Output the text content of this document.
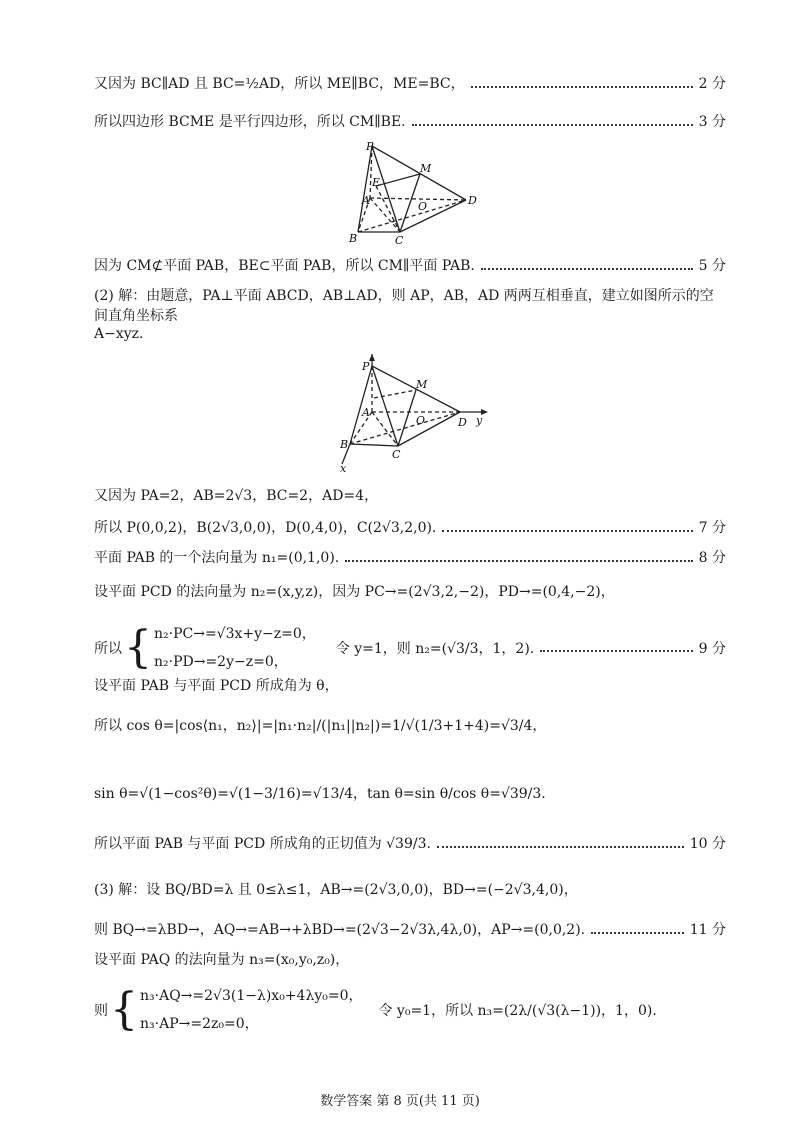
又因为 BC∥AD 且 BC=½AD，所以 ME∥BC，ME=BC，	2 分
所以四边形 BCME 是平行四边形，所以 CM∥BE.	3 分
P
M
E
A	O	D
B	C
因为 CM⊄平面 PAB，BE⊂平面 PAB，所以 CM∥平面 PAB.	5 分
(2) 解：由题意，PA⊥平面 ABCD，AB⊥AD，则 AP，AB，AD 两两互相垂直，建立如图所示的空间直角坐标系
A−xyz.
P
M
A
O	D y
B
C
x
又因为 PA=2，AB=2√3，BC=2，AD=4，
所以 P(0,0,2)，B(2√3,0,0)，D(0,4,0)，C(2√3,2,0).	7 分
平面 PAB 的一个法向量为 n₁=(0,1,0).	8 分
设平面 PCD 的法向量为 n₂=(x,y,z)，因为 PC→=(2√3,2,−2)，PD→=(0,4,−2)，
所以 { n₂·PC→=√3x+y−z=0，
n₂·PD→=2y−z=0，
令 y=1，则 n₂=(√3/3，1，2).	9 分
设平面 PAB 与平面 PCD 所成角为 θ，
所以 cos θ=|cos⟨n₁，n₂⟩|=|n₁·n₂|/(|n₁||n₂|)=1/√(1/3+1+4)=√3/4，
sin θ=√(1−cos²θ)=√(1−3/16)=√13/4，tan θ=sin θ/cos θ=√39/3.
所以平面 PAB 与平面 PCD 所成角的正切值为 √39/3.	10 分
(3) 解：设 BQ/BD=λ 且 0≤λ≤1，AB→=(2√3,0,0)，BD→=(−2√3,4,0)，
则 BQ→=λBD→，AQ→=AB→+λBD→=(2√3−2√3λ,4λ,0)，AP→=(0,0,2).	11 分
设平面 PAQ 的法向量为 n₃=(x₀,y₀,z₀)，
则 { n₃·AQ→=2√3(1−λ)x₀+4λy₀=0，
n₃·AP→=2z₀=0，
令 y₀=1，所以 n₃=(2λ/(√3(λ−1))，1，0).
数学答案 第 8 页(共 11 页)
